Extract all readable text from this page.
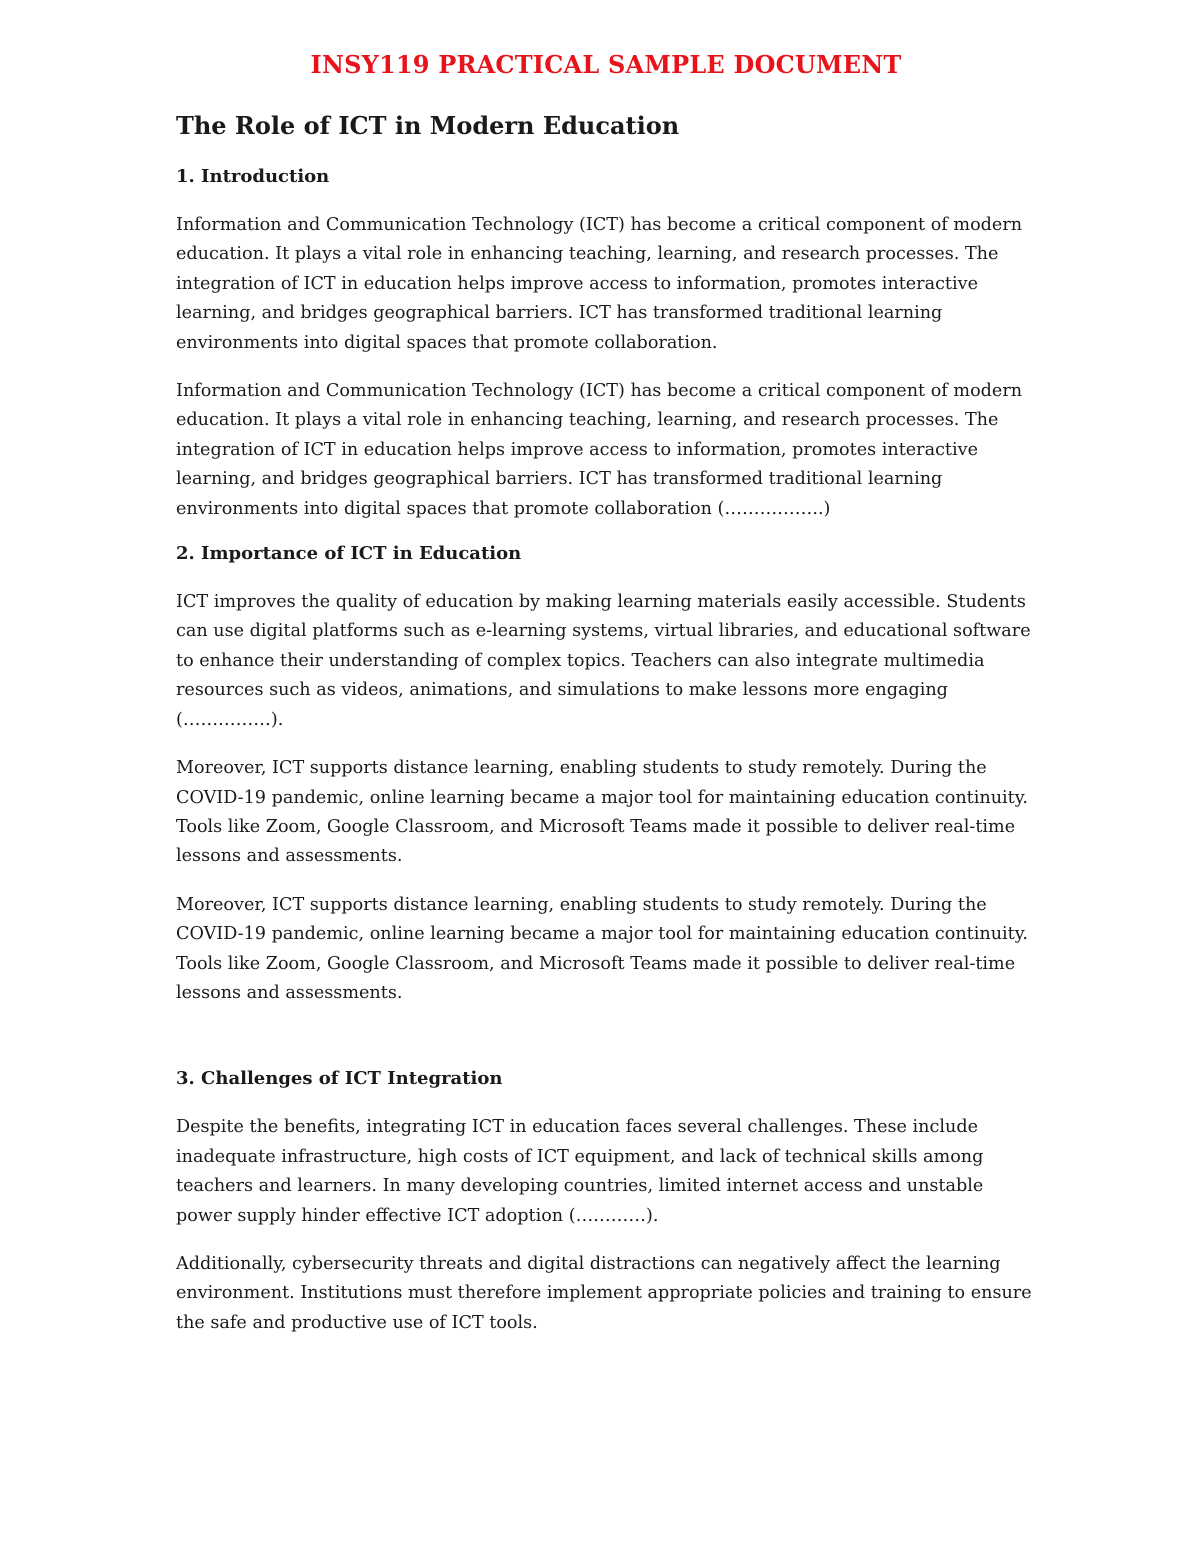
INSY119 PRACTICAL SAMPLE DOCUMENT
The Role of ICT in Modern Education
1. Introduction

Information and Communication Technology (ICT) has become a critical component of modern education. It plays a vital role in enhancing teaching, learning, and research processes. The integration of ICT in education helps improve access to information, promotes interactive learning, and bridges geographical barriers. ICT has transformed traditional learning environments into digital spaces that promote collaboration.

Information and Communication Technology (ICT) has become a critical component of modern education. It plays a vital role in enhancing teaching, learning, and research processes. The integration of ICT in education helps improve access to information, promotes interactive learning, and bridges geographical barriers. ICT has transformed traditional learning environments into digital spaces that promote collaboration (……………..)

2. Importance of ICT in Education

ICT improves the quality of education by making learning materials easily accessible. Students can use digital platforms such as e-learning systems, virtual libraries, and educational software to enhance their understanding of complex topics. Teachers can also integrate multimedia resources such as videos, animations, and simulations to make lessons more engaging (……………).

Moreover, ICT supports distance learning, enabling students to study remotely. During the COVID-19 pandemic, online learning became a major tool for maintaining education continuity. Tools like Zoom, Google Classroom, and Microsoft Teams made it possible to deliver real-time lessons and assessments.

Moreover, ICT supports distance learning, enabling students to study remotely. During the COVID-19 pandemic, online learning became a major tool for maintaining education continuity. Tools like Zoom, Google Classroom, and Microsoft Teams made it possible to deliver real-time lessons and assessments.

3. Challenges of ICT Integration

Despite the benefits, integrating ICT in education faces several challenges. These include inadequate infrastructure, high costs of ICT equipment, and lack of technical skills among teachers and learners. In many developing countries, limited internet access and unstable power supply hinder effective ICT adoption (…………).

Additionally, cybersecurity threats and digital distractions can negatively affect the learning environment. Institutions must therefore implement appropriate policies and training to ensure the safe and productive use of ICT tools.
